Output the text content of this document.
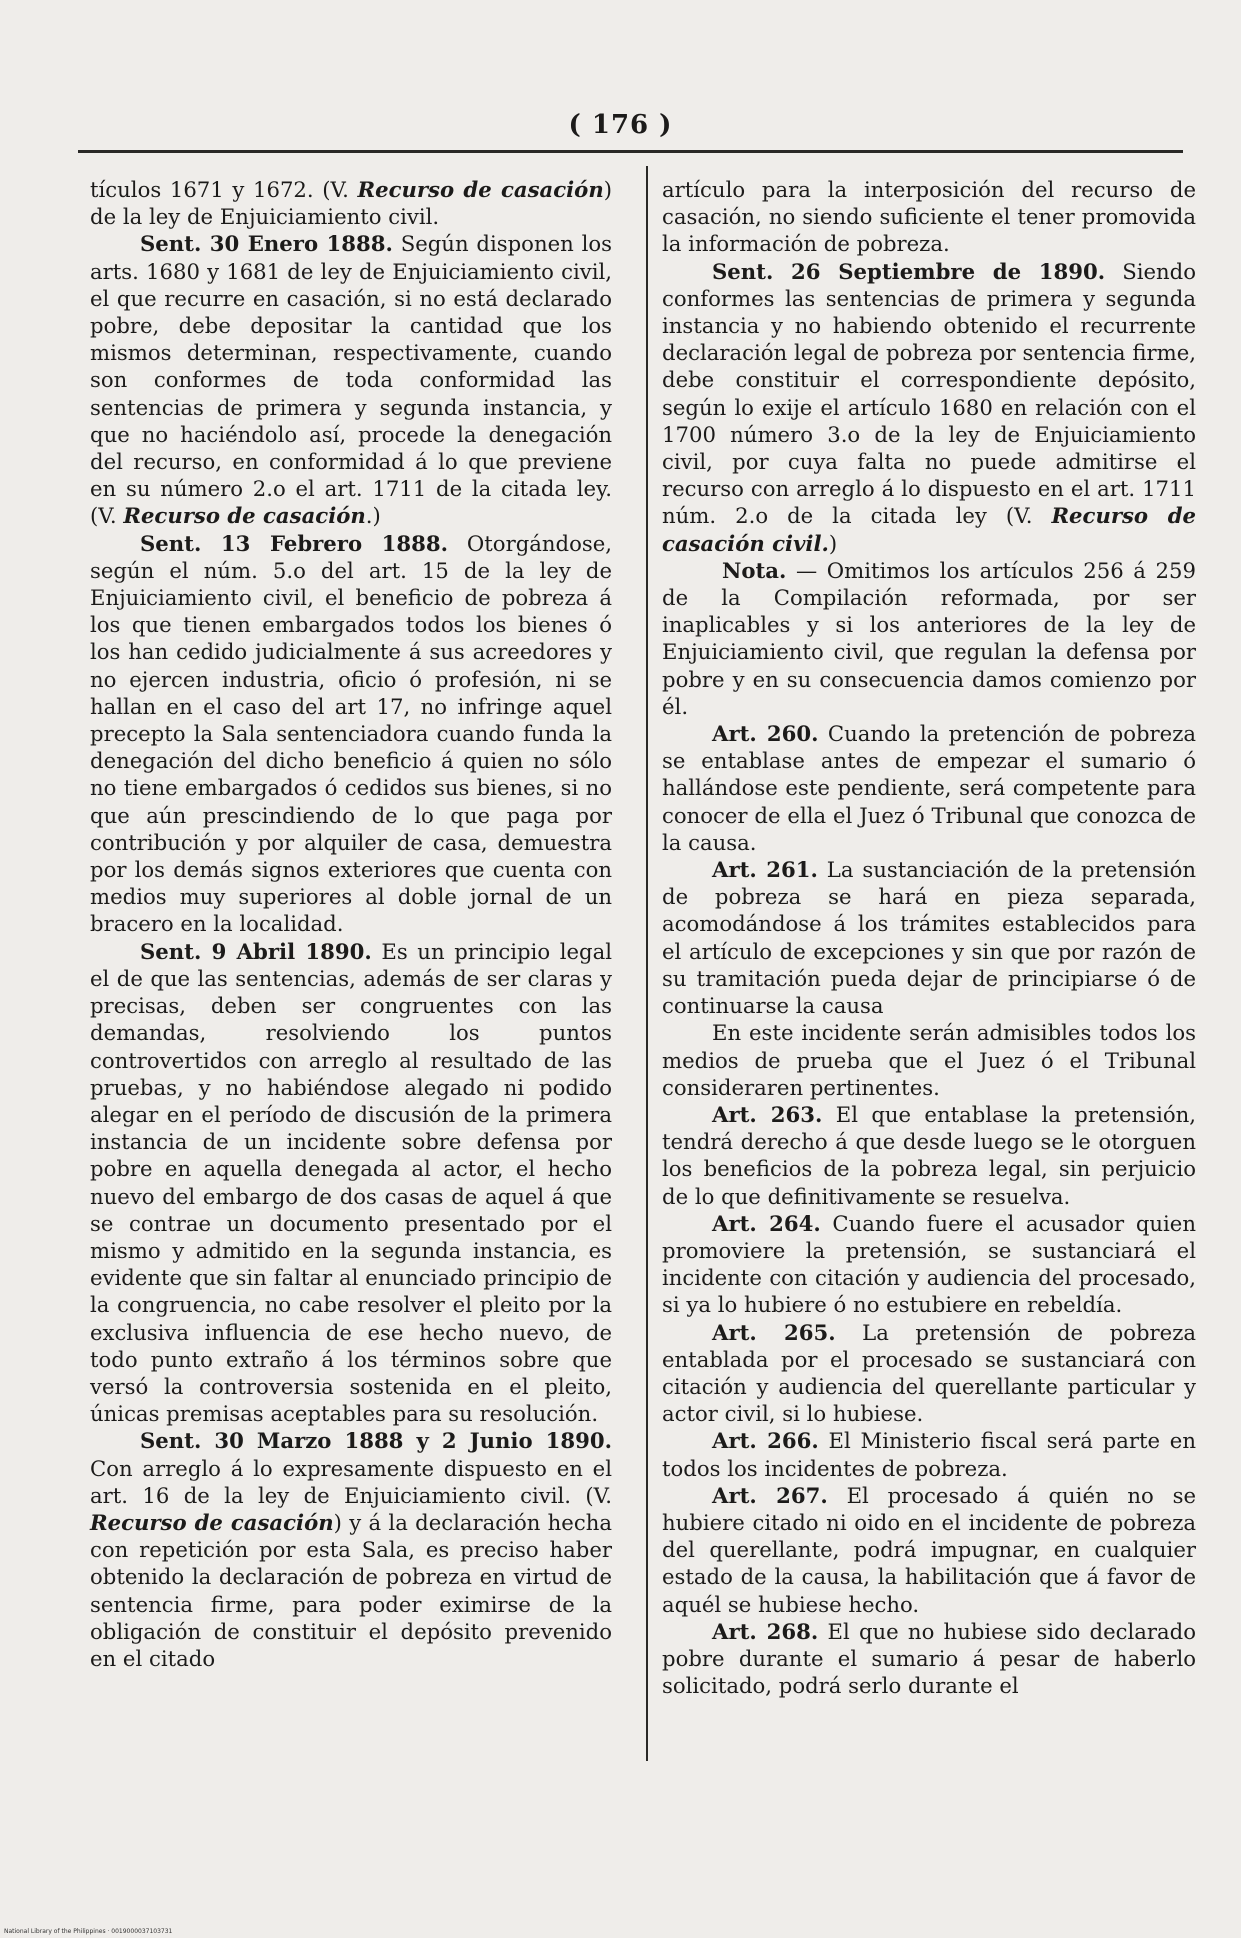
( 176 )

tículos 1671 y 1672. (V. Recurso de casación) de la ley de Enjuiciamiento civil.

Sent. 30 Enero 1888. Según disponen los arts. 1680 y 1681 de ley de Enjuiciamiento civil, el que recurre en casación, si no está declarado pobre, debe depositar la cantidad que los mismos determinan, respectivamente, cuando son conformes de toda conformidad las sentencias de primera y segunda instancia, y que no haciéndolo así, procede la denegación del recurso, en conformidad á lo que previene en su número 2.o el art. 1711 de la citada ley. (V. Recurso de casación.)

Sent. 13 Febrero 1888. Otorgándose, según el núm. 5.o del art. 15 de la ley de Enjuiciamiento civil, el beneficio de pobreza á los que tienen embargados todos los bienes ó los han cedido judicialmente á sus acreedores y no ejercen industria, oficio ó profesión, ni se hallan en el caso del art 17, no infringe aquel precepto la Sala sentenciadora cuando funda la denegación del dicho beneficio á quien no sólo no tiene embargados ó cedidos sus bienes, si no que aún prescindiendo de lo que paga por contribución y por alquiler de casa, demuestra por los demás signos exteriores que cuenta con medios muy superiores al doble jornal de un bracero en la localidad.

Sent. 9 Abril 1890. Es un principio legal el de que las sentencias, además de ser claras y precisas, deben ser congruentes con las demandas, resolviendo los puntos controvertidos con arreglo al resultado de las pruebas, y no habiéndose alegado ni podido alegar en el período de discusión de la primera instancia de un incidente sobre defensa por pobre en aquella denegada al actor, el hecho nuevo del embargo de dos casas de aquel á que se contrae un documento presentado por el mismo y admitido en la segunda instancia, es evidente que sin faltar al enunciado principio de la congruencia, no cabe resolver el pleito por la exclusiva influencia de ese hecho nuevo, de todo punto extraño á los términos sobre que versó la controversia sostenida en el pleito, únicas premisas aceptables para su resolución.

Sent. 30 Marzo 1888 y 2 Junio 1890. Con arreglo á lo expresamente dispuesto en el art. 16 de la ley de Enjuiciamiento civil. (V. Recurso de casación) y á la declaración hecha con repetición por esta Sala, es preciso haber obtenido la declaración de pobreza en virtud de sentencia firme, para poder eximirse de la obligación de constituir el depósito prevenido en el citado

artículo para la interposición del recurso de casación, no siendo suficiente el tener promovida la información de pobreza.

Sent. 26 Septiembre de 1890. Siendo conformes las sentencias de primera y segunda instancia y no habiendo obtenido el recurrente declaración legal de pobreza por sentencia firme, debe constituir el correspondiente depósito, según lo exije el artículo 1680 en relación con el 1700 número 3.o de la ley de Enjuiciamiento civil, por cuya falta no puede admitirse el recurso con arreglo á lo dispuesto en el art. 1711 núm. 2.o de la citada ley (V. Recurso de casación civil.)

Nota. — Omitimos los artículos 256 á 259 de la Compilación reformada, por ser inaplicables y si los anteriores de la ley de Enjuiciamiento civil, que regulan la defensa por pobre y en su consecuencia damos comienzo por él.

Art. 260. Cuando la pretención de pobreza se entablase antes de empezar el sumario ó hallándose este pendiente, será competente para conocer de ella el Juez ó Tribunal que conozca de la causa.

Art. 261. La sustanciación de la pretensión de pobreza se hará en pieza separada, acomodándose á los trámites establecidos para el artículo de excepciones y sin que por razón de su tramitación pueda dejar de principiarse ó de continuarse la causa

En este incidente serán admisibles todos los medios de prueba que el Juez ó el Tribunal consideraren pertinentes.

Art. 263. El que entablase la pretensión, tendrá derecho á que desde luego se le otorguen los beneficios de la pobreza legal, sin perjuicio de lo que definitivamente se resuelva.

Art. 264. Cuando fuere el acusador quien promoviere la pretensión, se sustanciará el incidente con citación y audiencia del procesado, si ya lo hubiere ó no estubiere en rebeldía.

Art. 265. La pretensión de pobreza entablada por el procesado se sustanciará con citación y audiencia del querellante particular y actor civil, si lo hubiese.

Art. 266. El Ministerio fiscal será parte en todos los incidentes de pobreza.

Art. 267. El procesado á quién no se hubiere citado ni oido en el incidente de pobreza del querellante, podrá impugnar, en cualquier estado de la causa, la habilitación que á favor de aquél se hubiese hecho.

Art. 268. El que no hubiese sido declarado pobre durante el sumario á pesar de haberlo solicitado, podrá serlo durante el

National Library of the Philippines · 0019000037103731
